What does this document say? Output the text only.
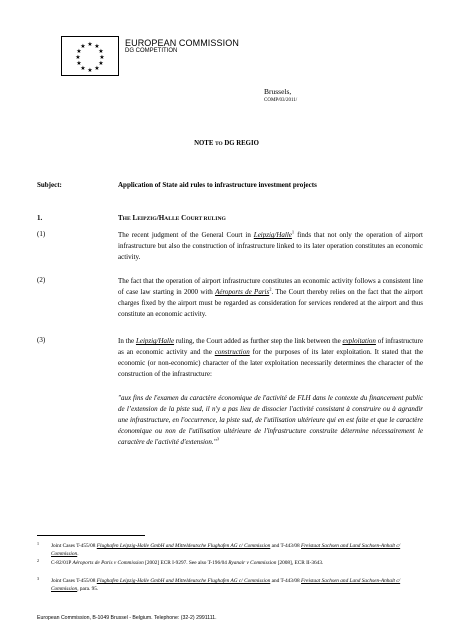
★ ★
★
★
★
★
★
★
★
★
★
★	EUROPEAN COMMISSION
DG COMPETITION
Brussels,
COMP/03/2011/
NOTE TO DG REGIO
Subject:	Application of State aid rules to infrastructure investment projects
1.	THE LEIPZIG/HALLE COURT RULING
(1)	The recent judgment of the General Court in Leipzig/Halle$^1$ finds that not only the operation of airport infrastructure but also the construction of infrastructure linked to its later operation constitutes an economic activity.
(2)	The fact that the operation of airport infrastructure constitutes an economic activity follows a consistent line of case law starting in 2000 with Aéroports de Paris$^2$. The Court thereby relies on the fact that the airport charges fixed by the airport must be regarded as consideration for services rendered at the airport and thus constitute an economic activity.
(3)	In the Leipzig/Halle ruling, the Court added as further step the link between the exploitation of infrastructure as an economic activity and the construction for the purposes of its later exploitation. It stated that the economic (or non-economic) character of the later exploitation necessarily determines the character of the construction of the infrastructure:
"aux fins de l'examen du caractère économique de l'activité de FLH dans le contexte du financement public de l’extension de la piste sud, il n'y a pas lieu de dissocier l'activité consistant à construire ou à agrandir une infrastructure, en l'occurrence, la piste sud, de l'utilisation ultérieure qui en est faite et que le caractère économique ou non de l'utilisation ultérieure de l'infrastructure construite détermine nécessairement le caractère de l'activité d'extension."$^3$
1 Joint Cases T-455/08 Flughafen Leipzig-Halle GmbH and Mitteldeutsche Flughafen AG c/ Commission and T-443/08 Freistaat Sachsen and Land Sachsen-Anhalt c/ Commission.
2 C-82/01P Aéroports de Paris v Commission [2002] ECR I-9297. See also T-196/04 Ryanair v Commission [2008], ECR II-3643.
3 Joint Cases T-455/08 Flughafen Leipzig-Halle GmbH and Mitteldeutsche Flughafen AG c/ Commission and T-443/08 Freistaat Sachsen and Land Sachsen-Anhalt c/ Commission, para. 95.
European Commission, B-1049 Brussel - Belgium. Telephone: (32-2) 2991111.
